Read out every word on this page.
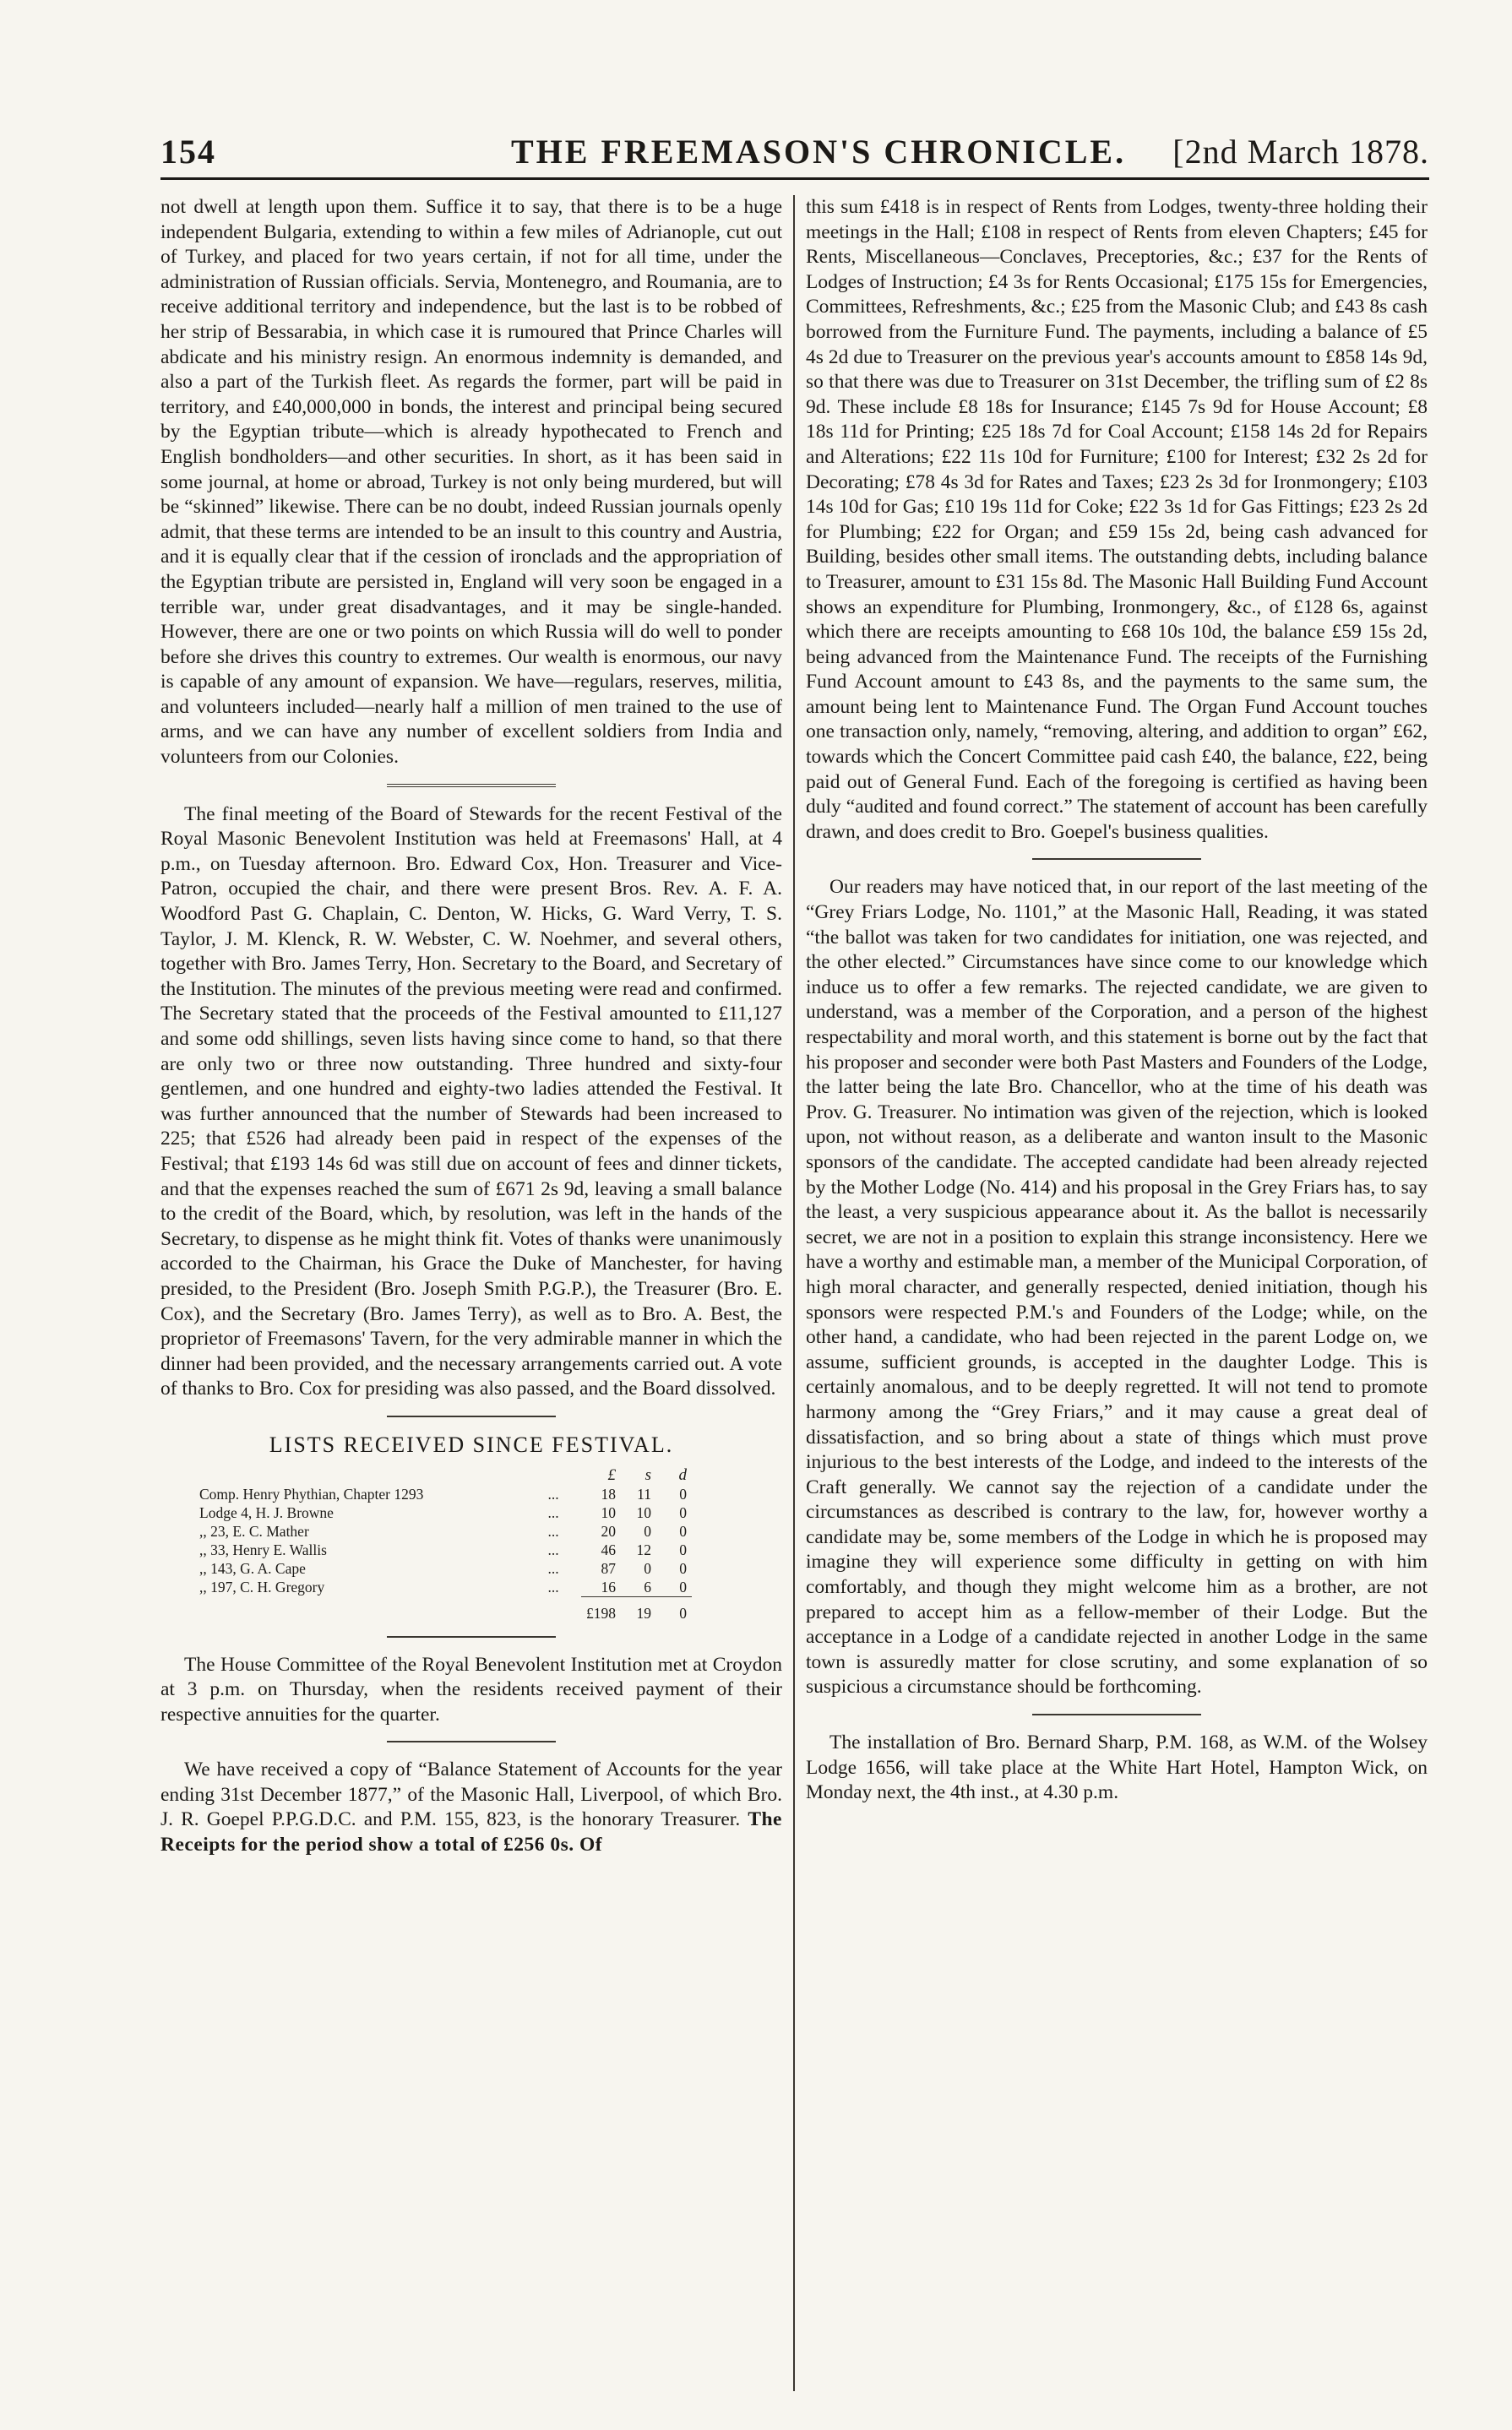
154	THE FREEMASON'S CHRONICLE. [2nd March 1878.

not dwell at length upon them. Suffice it to say, that there is to be a huge independent Bulgaria, extending to within a few miles of Adrianople, cut out of Turkey, and placed for two years certain, if not for all time, under the administration of Russian officials. Servia, Montenegro, and Roumania, are to receive additional territory and independence, but the last is to be robbed of her strip of Bessarabia, in which case it is rumoured that Prince Charles will abdicate and his ministry resign. An enormous indemnity is demanded, and also a part of the Turkish fleet. As regards the former, part will be paid in territory, and £40,000,000 in bonds, the interest and principal being secured by the Egyptian tribute—which is already hypothecated to French and English bondholders—and other securities. In short, as it has been said in some journal, at home or abroad, Turkey is not only being murdered, but will be “skinned” likewise. There can be no doubt, indeed Russian journals openly admit, that these terms are intended to be an insult to this country and Austria, and it is equally clear that if the cession of ironclads and the appropriation of the Egyptian tribute are persisted in, England will very soon be engaged in a terrible war, under great disadvantages, and it may be single-handed. However, there are one or two points on which Russia will do well to ponder before she drives this country to extremes. Our wealth is enormous, our navy is capable of any amount of expansion. We have—regulars, reserves, militia, and volunteers included—nearly half a million of men trained to the use of arms, and we can have any number of excellent soldiers from India and volunteers from our Colonies.

The final meeting of the Board of Stewards for the recent Festival of the Royal Masonic Benevolent Institution was held at Freemasons' Hall, at 4 p.m., on Tuesday afternoon. Bro. Edward Cox, Hon. Treasurer and Vice-Patron, occupied the chair, and there were present Bros. Rev. A. F. A. Woodford Past G. Chaplain, C. Denton, W. Hicks, G. Ward Verry, T. S. Taylor, J. M. Klenck, R. W. Webster, C. W. Noehmer, and several others, together with Bro. James Terry, Hon. Secretary to the Board, and Secretary of the Institution. The minutes of the previous meeting were read and confirmed. The Secretary stated that the proceeds of the Festival amounted to £11,127 and some odd shillings, seven lists having since come to hand, so that there are only two or three now outstanding. Three hundred and sixty-four gentlemen, and one hundred and eighty-two ladies attended the Festival. It was further announced that the number of Stewards had been increased to 225; that £526 had already been paid in respect of the expenses of the Festival; that £193 14s 6d was still due on account of fees and dinner tickets, and that the expenses reached the sum of £671 2s 9d, leaving a small balance to the credit of the Board, which, by resolution, was left in the hands of the Secretary, to dispense as he might think fit. Votes of thanks were unanimously accorded to the Chairman, his Grace the Duke of Manchester, for having presided, to the President (Bro. Joseph Smith P.G.P.), the Treasurer (Bro. E. Cox), and the Secretary (Bro. James Terry), as well as to Bro. A. Best, the proprietor of Freemasons' Tavern, for the very admirable manner in which the dinner had been provided, and the necessary arrangements carried out. A vote of thanks to Bro. Cox for presiding was also passed, and the Board dissolved.

LISTS RECEIVED SINCE FESTIVAL.
		£	s	d
Comp. Henry Phythian, Chapter 1293	...	18	11	0
Lodge 4, H. J. Browne	...	10	10	0
,, 23, E. C. Mather	...	20	0	0
,, 33, Henry E. Wallis	...	46	12	0
,, 143, G. A. Cape	...	87	0	0
,, 197, C. H. Gregory	...	16	6	0
		£198	19	0

The House Committee of the Royal Benevolent Institution met at Croydon at 3 p.m. on Thursday, when the residents received payment of their respective annuities for the quarter.

We have received a copy of “Balance Statement of Accounts for the year ending 31st December 1877,” of the Masonic Hall, Liverpool, of which Bro. J. R. Goepel P.P.G.D.C. and P.M. 155, 823, is the honorary Treasurer. The Receipts for the period show a total of £256 0s. Of

this sum £418 is in respect of Rents from Lodges, twenty-three holding their meetings in the Hall; £108 in respect of Rents from eleven Chapters; £45 for Rents, Miscellaneous—Conclaves, Preceptories, &c.; £37 for the Rents of Lodges of Instruction; £4 3s for Rents Occasional; £175 15s for Emergencies, Committees, Refreshments, &c.; £25 from the Masonic Club; and £43 8s cash borrowed from the Furniture Fund. The payments, including a balance of £5 4s 2d due to Treasurer on the previous year's accounts amount to £858 14s 9d, so that there was due to Treasurer on 31st December, the trifling sum of £2 8s 9d. These include £8 18s for Insurance; £145 7s 9d for House Account; £8 18s 11d for Printing; £25 18s 7d for Coal Account; £158 14s 2d for Repairs and Alterations; £22 11s 10d for Furniture; £100 for Interest; £32 2s 2d for Decorating; £78 4s 3d for Rates and Taxes; £23 2s 3d for Ironmongery; £103 14s 10d for Gas; £10 19s 11d for Coke; £22 3s 1d for Gas Fittings; £23 2s 2d for Plumbing; £22 for Organ; and £59 15s 2d, being cash advanced for Building, besides other small items. The outstanding debts, including balance to Treasurer, amount to £31 15s 8d. The Masonic Hall Building Fund Account shows an expenditure for Plumbing, Ironmongery, &c., of £128 6s, against which there are receipts amounting to £68 10s 10d, the balance £59 15s 2d, being advanced from the Maintenance Fund. The receipts of the Furnishing Fund Account amount to £43 8s, and the payments to the same sum, the amount being lent to Maintenance Fund. The Organ Fund Account touches one transaction only, namely, “removing, altering, and addition to organ” £62, towards which the Concert Committee paid cash £40, the balance, £22, being paid out of General Fund. Each of the foregoing is certified as having been duly “audited and found correct.” The statement of account has been carefully drawn, and does credit to Bro. Goepel's business qualities.

Our readers may have noticed that, in our report of the last meeting of the “Grey Friars Lodge, No. 1101,” at the Masonic Hall, Reading, it was stated “the ballot was taken for two candidates for initiation, one was rejected, and the other elected.” Circumstances have since come to our knowledge which induce us to offer a few remarks. The rejected candidate, we are given to understand, was a member of the Corporation, and a person of the highest respectability and moral worth, and this statement is borne out by the fact that his proposer and seconder were both Past Masters and Founders of the Lodge, the latter being the late Bro. Chancellor, who at the time of his death was Prov. G. Treasurer. No intimation was given of the rejection, which is looked upon, not without reason, as a deliberate and wanton insult to the Masonic sponsors of the candidate. The accepted candidate had been already rejected by the Mother Lodge (No. 414) and his proposal in the Grey Friars has, to say the least, a very suspicious appearance about it. As the ballot is necessarily secret, we are not in a position to explain this strange inconsistency. Here we have a worthy and estimable man, a member of the Municipal Corporation, of high moral character, and generally respected, denied initiation, though his sponsors were respected P.M.'s and Founders of the Lodge; while, on the other hand, a candidate, who had been rejected in the parent Lodge on, we assume, sufficient grounds, is accepted in the daughter Lodge. This is certainly anomalous, and to be deeply regretted. It will not tend to promote harmony among the “Grey Friars,” and it may cause a great deal of dissatisfaction, and so bring about a state of things which must prove injurious to the best interests of the Lodge, and indeed to the interests of the Craft generally. We cannot say the rejection of a candidate under the circumstances as described is contrary to the law, for, however worthy a candidate may be, some members of the Lodge in which he is proposed may imagine they will experience some difficulty in getting on with him comfortably, and though they might welcome him as a brother, are not prepared to accept him as a fellow-member of their Lodge. But the acceptance in a Lodge of a candidate rejected in another Lodge in the same town is assuredly matter for close scrutiny, and some explanation of so suspicious a circumstance should be forthcoming.

The installation of Bro. Bernard Sharp, P.M. 168, as W.M. of the Wolsey Lodge 1656, will take place at the White Hart Hotel, Hampton Wick, on Monday next, the 4th inst., at 4.30 p.m.
